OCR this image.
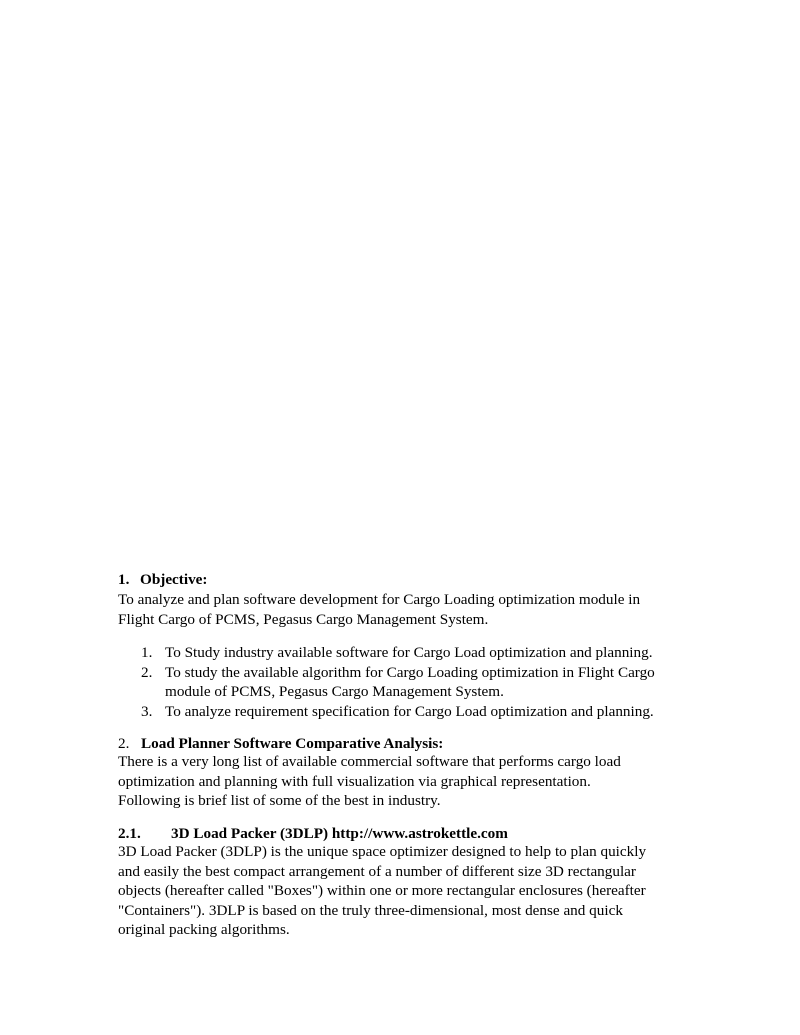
1. Objective:
To analyze and plan software development for Cargo Loading optimization module in
Flight Cargo of PCMS, Pegasus Cargo Management System.
1. To Study industry available software for Cargo Load optimization and planning.
2. To study the available algorithm for Cargo Loading optimization in Flight Cargo
module of PCMS, Pegasus Cargo Management System.
3. To analyze requirement specification for Cargo Load optimization and planning.
2. Load Planner Software Comparative Analysis:
There is a very long list of available commercial software that performs cargo load
optimization and planning with full visualization via graphical representation.
Following is brief list of some of the best in industry.
2.1. 3D Load Packer (3DLP) http://www.astrokettle.com
3D Load Packer (3DLP) is the unique space optimizer designed to help to plan quickly
and easily the best compact arrangement of a number of different size 3D rectangular
objects (hereafter called "Boxes") within one or more rectangular enclosures (hereafter
"Containers"). 3DLP is based on the truly three-dimensional, most dense and quick
original packing algorithms.
